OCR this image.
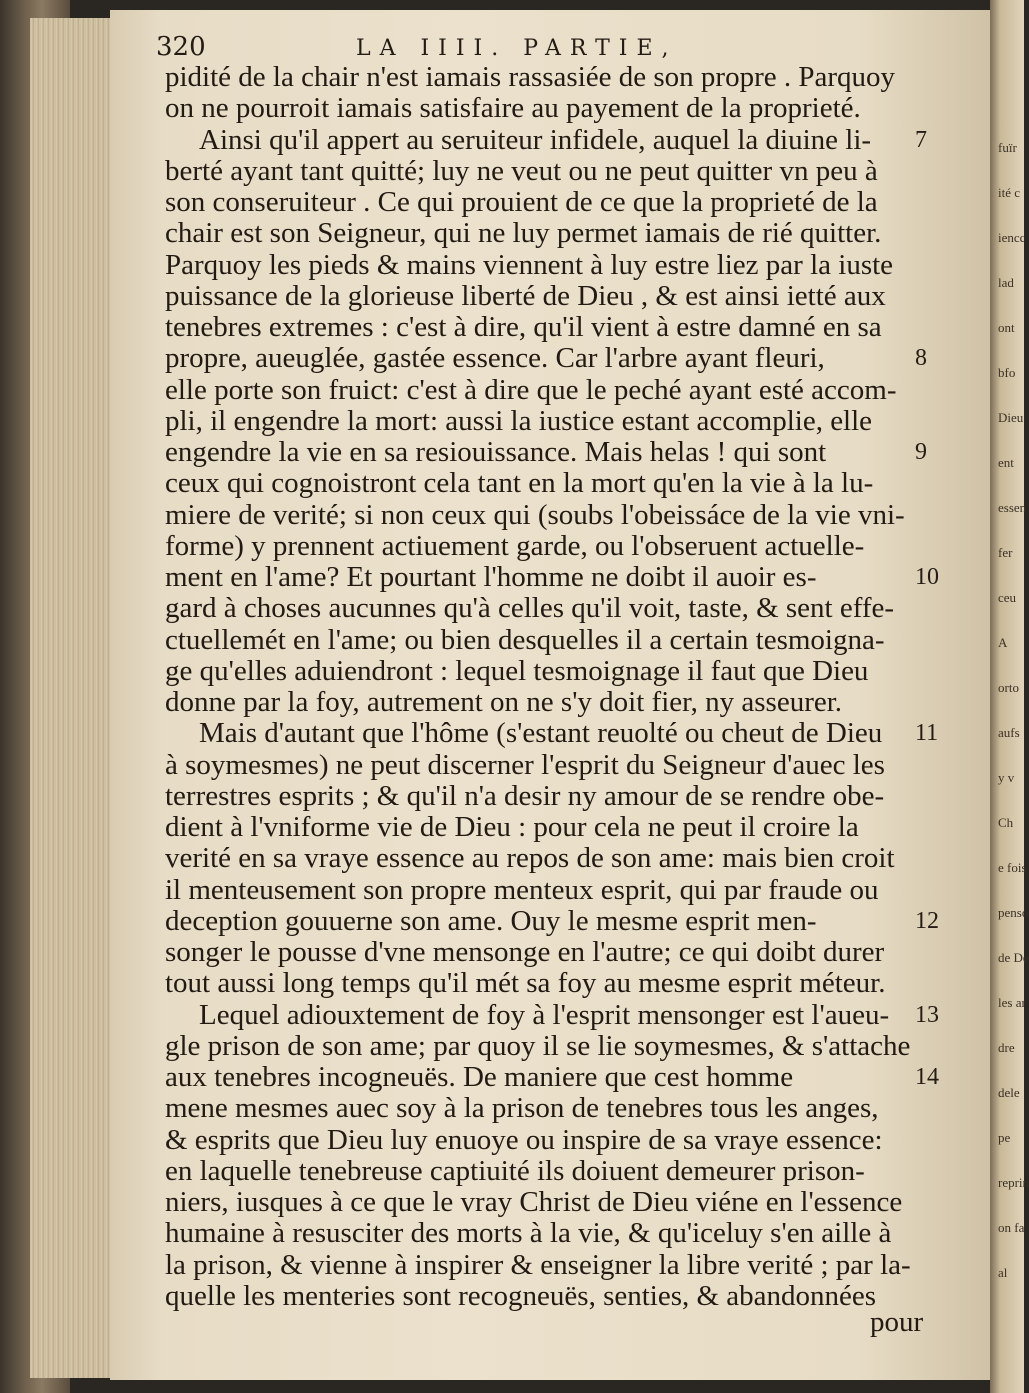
fuïr
ité c
iencc
lad
ont
bfo
Dieu
ent
essen
fer
ceu
A
orto
aufs
y v
Ch
e fois
penso
de De
les ar
dre
dele
pe
reprin
on fa
al
320	LA IIII. PARTIE,
pidité de la chair n'est iamais rassasiée de son propre . Parquoy
on ne pourroit iamais satisfaire au payement de la proprieté.
Ainsi qu'il appert au seruiteur infidele, auquel la diuine li-
berté ayant tant quitté; luy ne veut ou ne peut quitter vn peu à
son conseruiteur . Ce qui prouient de ce que la proprieté de la
chair est son Seigneur, qui ne luy permet iamais de rié quitter.
Parquoy les pieds & mains viennent à luy estre liez par la iuste
puissance de la glorieuse liberté de Dieu , & est ainsi ietté aux
tenebres extremes : c'est à dire, qu'il vient à estre damné en sa
propre, aueuglée, gastée essence. Car l'arbre ayant fleuri,
elle porte son fruict: c'est à dire que le peché ayant esté accom-
pli, il engendre la mort: aussi la iustice estant accomplie, elle
engendre la vie en sa resiouissance. Mais helas ! qui sont
ceux qui cognoistront cela tant en la mort qu'en la vie à la lu-
miere de verité; si non ceux qui (soubs l'obeissáce de la vie vni-
forme) y prennent actiuement garde, ou l'obseruent actuelle-
ment en l'ame? Et pourtant l'homme ne doibt il auoir es-
gard à choses aucunnes qu'à celles qu'il voit, taste, & sent effe-
ctuellemét en l'ame; ou bien desquelles il a certain tesmoigna-
ge qu'elles aduiendront : lequel tesmoignage il faut que Dieu
donne par la foy, autrement on ne s'y doit fier, ny asseurer.
Mais d'autant que l'hôme (s'estant reuolté ou cheut de Dieu
à soymesmes) ne peut discerner l'esprit du Seigneur d'auec les
terrestres esprits ; & qu'il n'a desir ny amour de se rendre obe-
dient à l'vniforme vie de Dieu : pour cela ne peut il croire la
verité en sa vraye essence au repos de son ame: mais bien croit
il menteusement son propre menteux esprit, qui par fraude ou
deception gouuerne son ame. Ouy le mesme esprit men-
songer le pousse d'vne mensonge en l'autre; ce qui doibt durer
tout aussi long temps qu'il mét sa foy au mesme esprit méteur.
Lequel adiouxtement de foy à l'esprit mensonger est l'aueu-
gle prison de son ame; par quoy il se lie soymesmes, & s'attache
aux tenebres incogneuës. De maniere que cest homme
mene mesmes auec soy à la prison de tenebres tous les anges,
& esprits que Dieu luy enuoye ou inspire de sa vraye essence:
en laquelle tenebreuse captiuité ils doiuent demeurer prison-
niers, iusques à ce que le vray Christ de Dieu viéne en l'essence
humaine à resusciter des morts à la vie, & qu'iceluy s'en aille à
la prison, & vienne à inspirer & enseigner la libre verité ; par la-
quelle les menteries sont recogneuës, senties, & abandonnées
7
8
9
10
11
12
13
14
pour
